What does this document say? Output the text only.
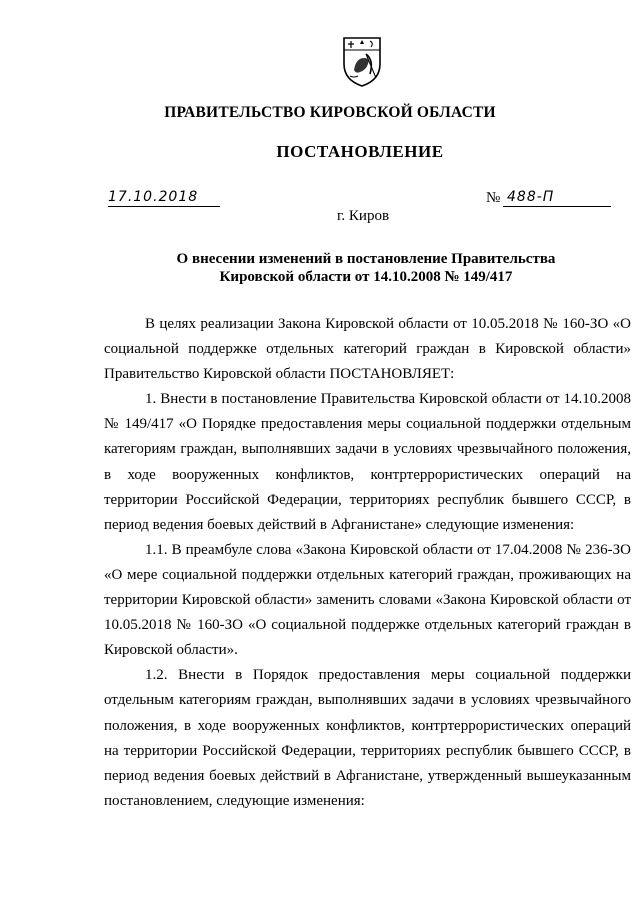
ПРАВИТЕЛЬСТВО КИРОВСКОЙ ОБЛАСТИ
ПОСТАНОВЛЕНИЕ
17.10.2018	№ 488-П
г. Киров
О внесении изменений в постановление Правительства
Кировской области от 14.10.2008 № 149/417

В целях реализации Закона Кировской области от 10.05.2018 № 160-ЗО «О социальной поддержке отдельных категорий граждан в Кировской области» Правительство Кировской области ПОСТАНОВЛЯЕТ:

1. Внести в постановление Правительства Кировской области от 14.10.2008 № 149/417 «О Порядке предоставления меры социальной поддержки отдельным категориям граждан, выполнявших задачи в условиях чрезвычайного положения, в ходе вооруженных конфликтов, контртеррористических операций на территории Российской Федерации, территориях республик бывшего СССР, в период ведения боевых действий в Афганистане» следующие изменения:

1.1. В преамбуле слова «Закона Кировской области от 17.04.2008 № 236-ЗО «О мере социальной поддержки отдельных категорий граждан, проживающих на территории Кировской области» заменить словами «Закона Кировской области от 10.05.2018 № 160-ЗО «О социальной поддержке отдельных категорий граждан в Кировской области».

1.2. Внести в Порядок предоставления меры социальной поддержки отдельным категориям граждан, выполнявших задачи в условиях чрезвычайного положения, в ходе вооруженных конфликтов, контртеррористических операций на территории Российской Федерации, территориях республик бывшего СССР, в период ведения боевых действий в Афганистане, утвержденный вышеуказанным постановлением, следующие изменения:
